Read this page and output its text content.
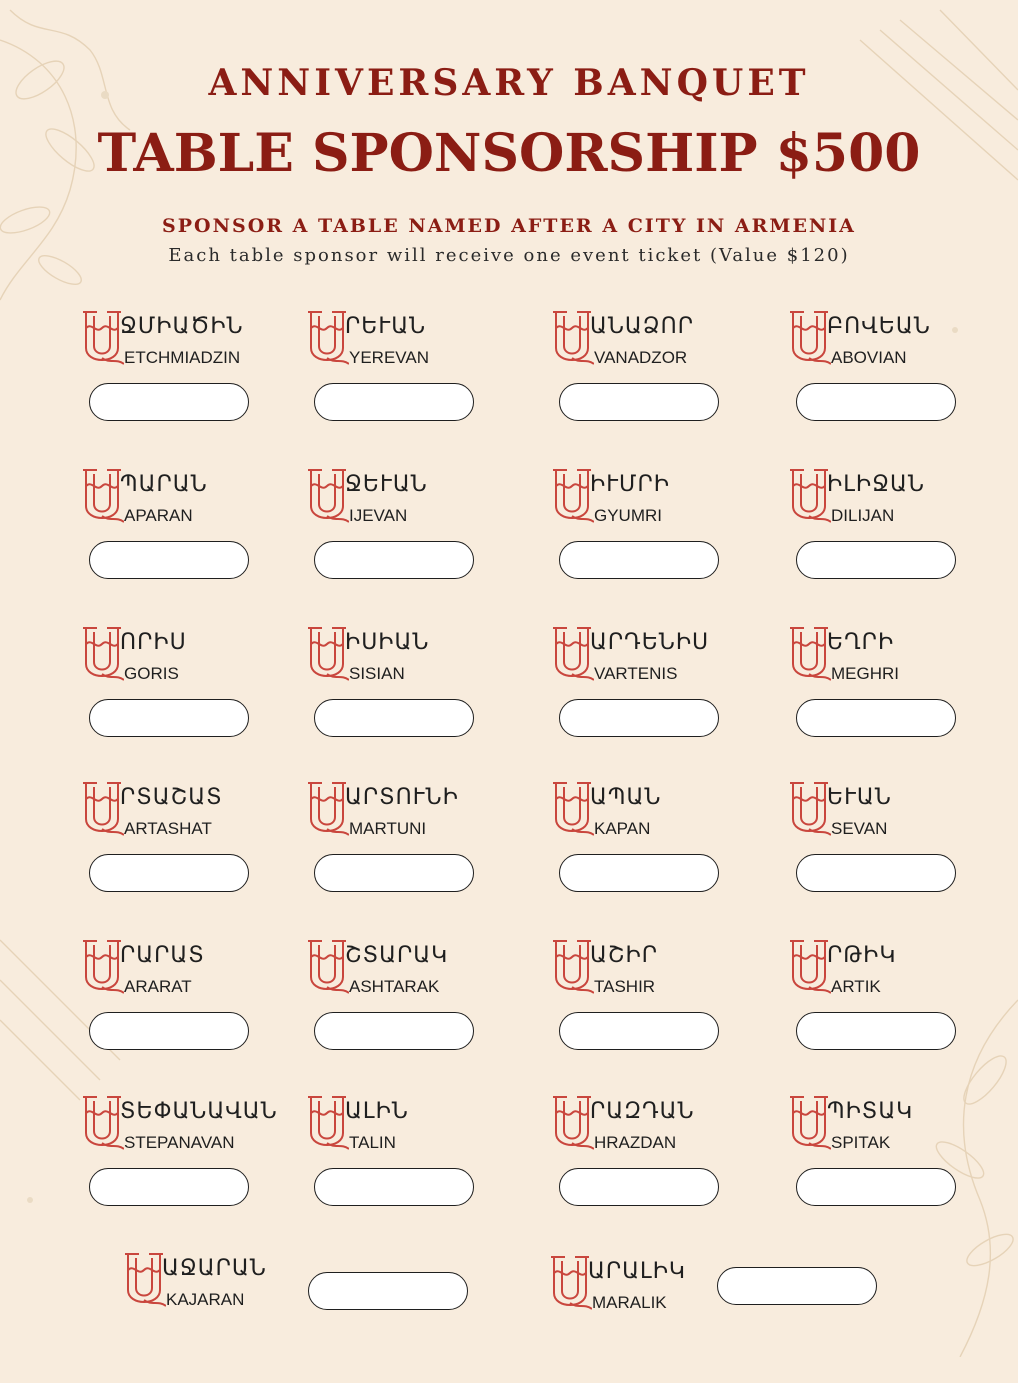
ANNIVERSARY BANQUET
TABLE SPONSORSHIP $500
SPONSOR A TABLE NAMED AFTER A CITY IN ARMENIA
Each table sponsor will receive one event ticket (Value $120)
ՋՄԻԱԾԻՆ
ETCHMIADZIN
ՐԵՒԱՆ
YEREVAN
ԱՆԱՁՈՐ
VANADZOR
ԲՈՎԵԱՆ
ABOVIAN
ՊԱՐԱՆ
APARAN
ՋԵՒԱՆ
IJEVAN
ԻՒՄՐԻ
GYUMRI
ԻԼԻՋԱՆ
DILIJAN
ՈՐԻՍ
GORIS
ԻՍԻԱՆ
SISIAN
ԱՐԴԵՆԻՍ
VARTENIS
ԵՂՐԻ
MEGHRI
ՐՏԱՇԱՏ
ARTASHAT
ԱՐՏՈՒՆԻ
MARTUNI
ԱՊԱՆ
KAPAN
ԵՒԱՆ
SEVAN
ՐԱՐԱՏ
ARARAT
ՇՏԱՐԱԿ
ASHTARAK
ԱՇԻՐ
TASHIR
ՐԹԻԿ
ARTIK
ՏԵՓԱՆԱՎԱՆ
STEPANAVAN
ԱԼԻՆ
TALIN
ՐԱԶԴԱՆ
HRAZDAN
ՊԻՏԱԿ
SPITAK
ԱՋԱՐԱՆ
KAJARAN
ԱՐԱԼԻԿ
MARALIK
